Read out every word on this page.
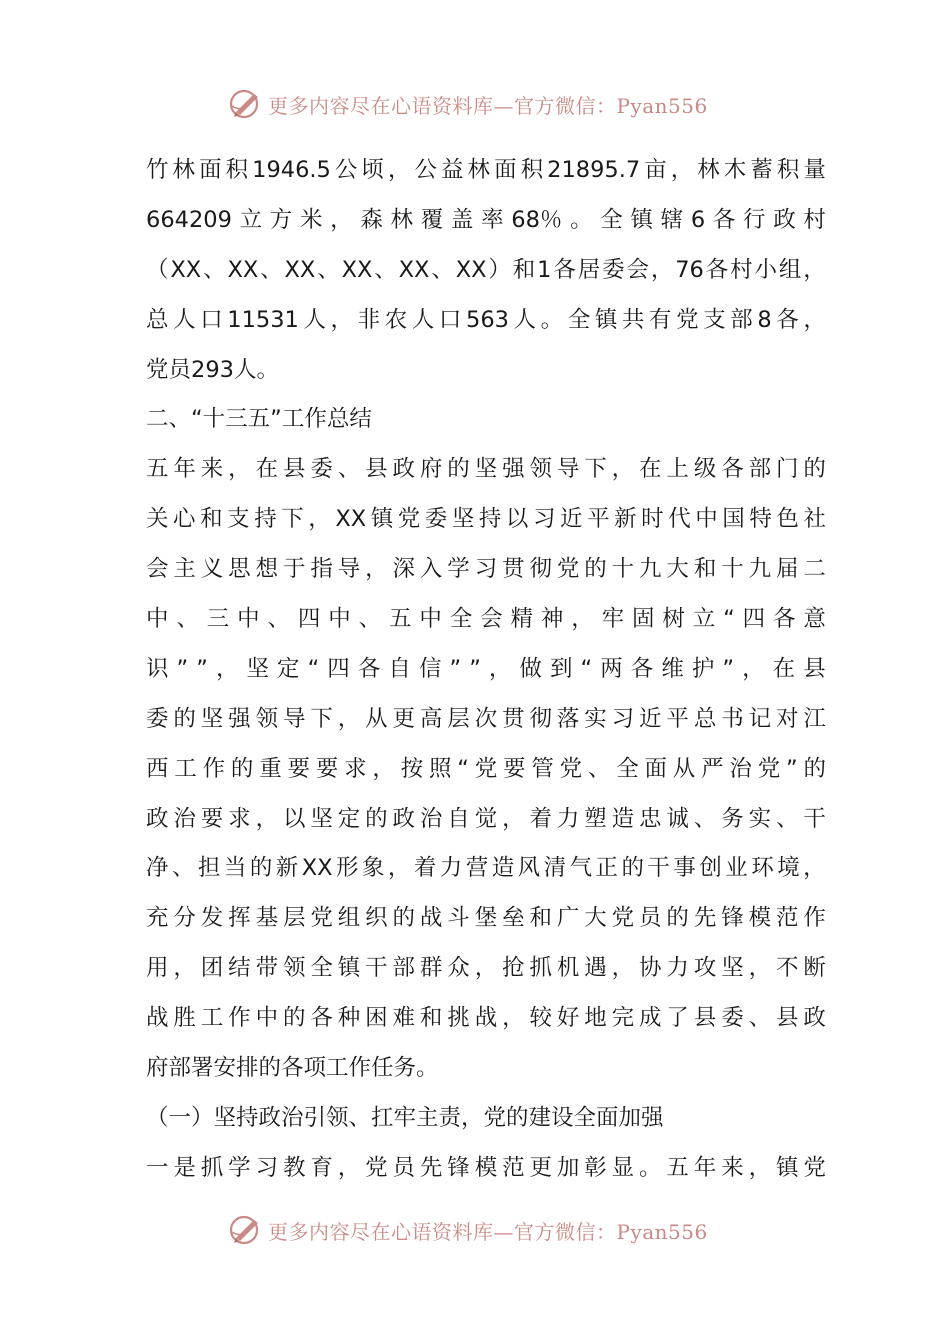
更多内容尽在心语资料库—官方微信：Pyan556
竹 林 面 积 1946.5 公 顷 ， 公 益 林 面 积 21895.7 亩 ， 林 木 蓄 积 量
664209 立 方 米 ， 森 林 覆 盖 率 68％ 。 全 镇 辖 6 各 行 政 村
（ XX 、 XX 、 XX 、 XX 、 XX 、 XX ） 和 1 各 居 委 会 ， 76 各 村 小 组 ，
总 人 口 11531 人 ， 非 农 人 口 563 人 。 全 镇 共 有 党 支 部 8 各 ，
党员293人。
二、“十三五”工作总结
五 年 来 ， 在 县 委 、 县 政 府 的 坚 强 领 导 下 ， 在 上 级 各 部 门 的
关 心 和 支 持 下 ， XX 镇 党 委 坚 持 以 习 近 平 新 时 代 中 国 特 色 社
会 主 义 思 想 于 指 导 ， 深 入 学 习 贯 彻 党 的 十 九 大 和 十 九 届 二
中 、 三 中 、 四 中 、 五 中 全 会 精 神 ， 牢 固 树 立 “ 四 各 意
识 ” ” ， 坚 定 “ 四 各 自 信 ” ” ， 做 到 “ 两 各 维 护 ” ， 在 县
委 的 坚 强 领 导 下 ， 从 更 高 层 次 贯 彻 落 实 习 近 平 总 书 记 对 江
西 工 作 的 重 要 要 求 ， 按 照 “ 党 要 管 党 、 全 面 从 严 治 党 ” 的
政 治 要 求 ， 以 坚 定 的 政 治 自 觉 ， 着 力 塑 造 忠 诚 、 务 实 、 干
净 、 担 当 的 新 XX 形 象 ， 着 力 营 造 风 清 气 正 的 干 事 创 业 环 境 ，
充 分 发 挥 基 层 党 组 织 的 战 斗 堡 垒 和 广 大 党 员 的 先 锋 模 范 作
用 ， 团 结 带 领 全 镇 干 部 群 众 ， 抢 抓 机 遇 ， 协 力 攻 坚 ， 不 断
战 胜 工 作 中 的 各 种 困 难 和 挑 战 ， 较 好 地 完 成 了 县 委 、 县 政
府部署安排的各项工作任务。
（一）坚持政治引领、扛牢主责，党的建设全面加强
一 是 抓 学 习 教 育 ， 党 员 先 锋 模 范 更 加 彰 显 。 五 年 来 ， 镇 党
更多内容尽在心语资料库—官方微信：Pyan556
